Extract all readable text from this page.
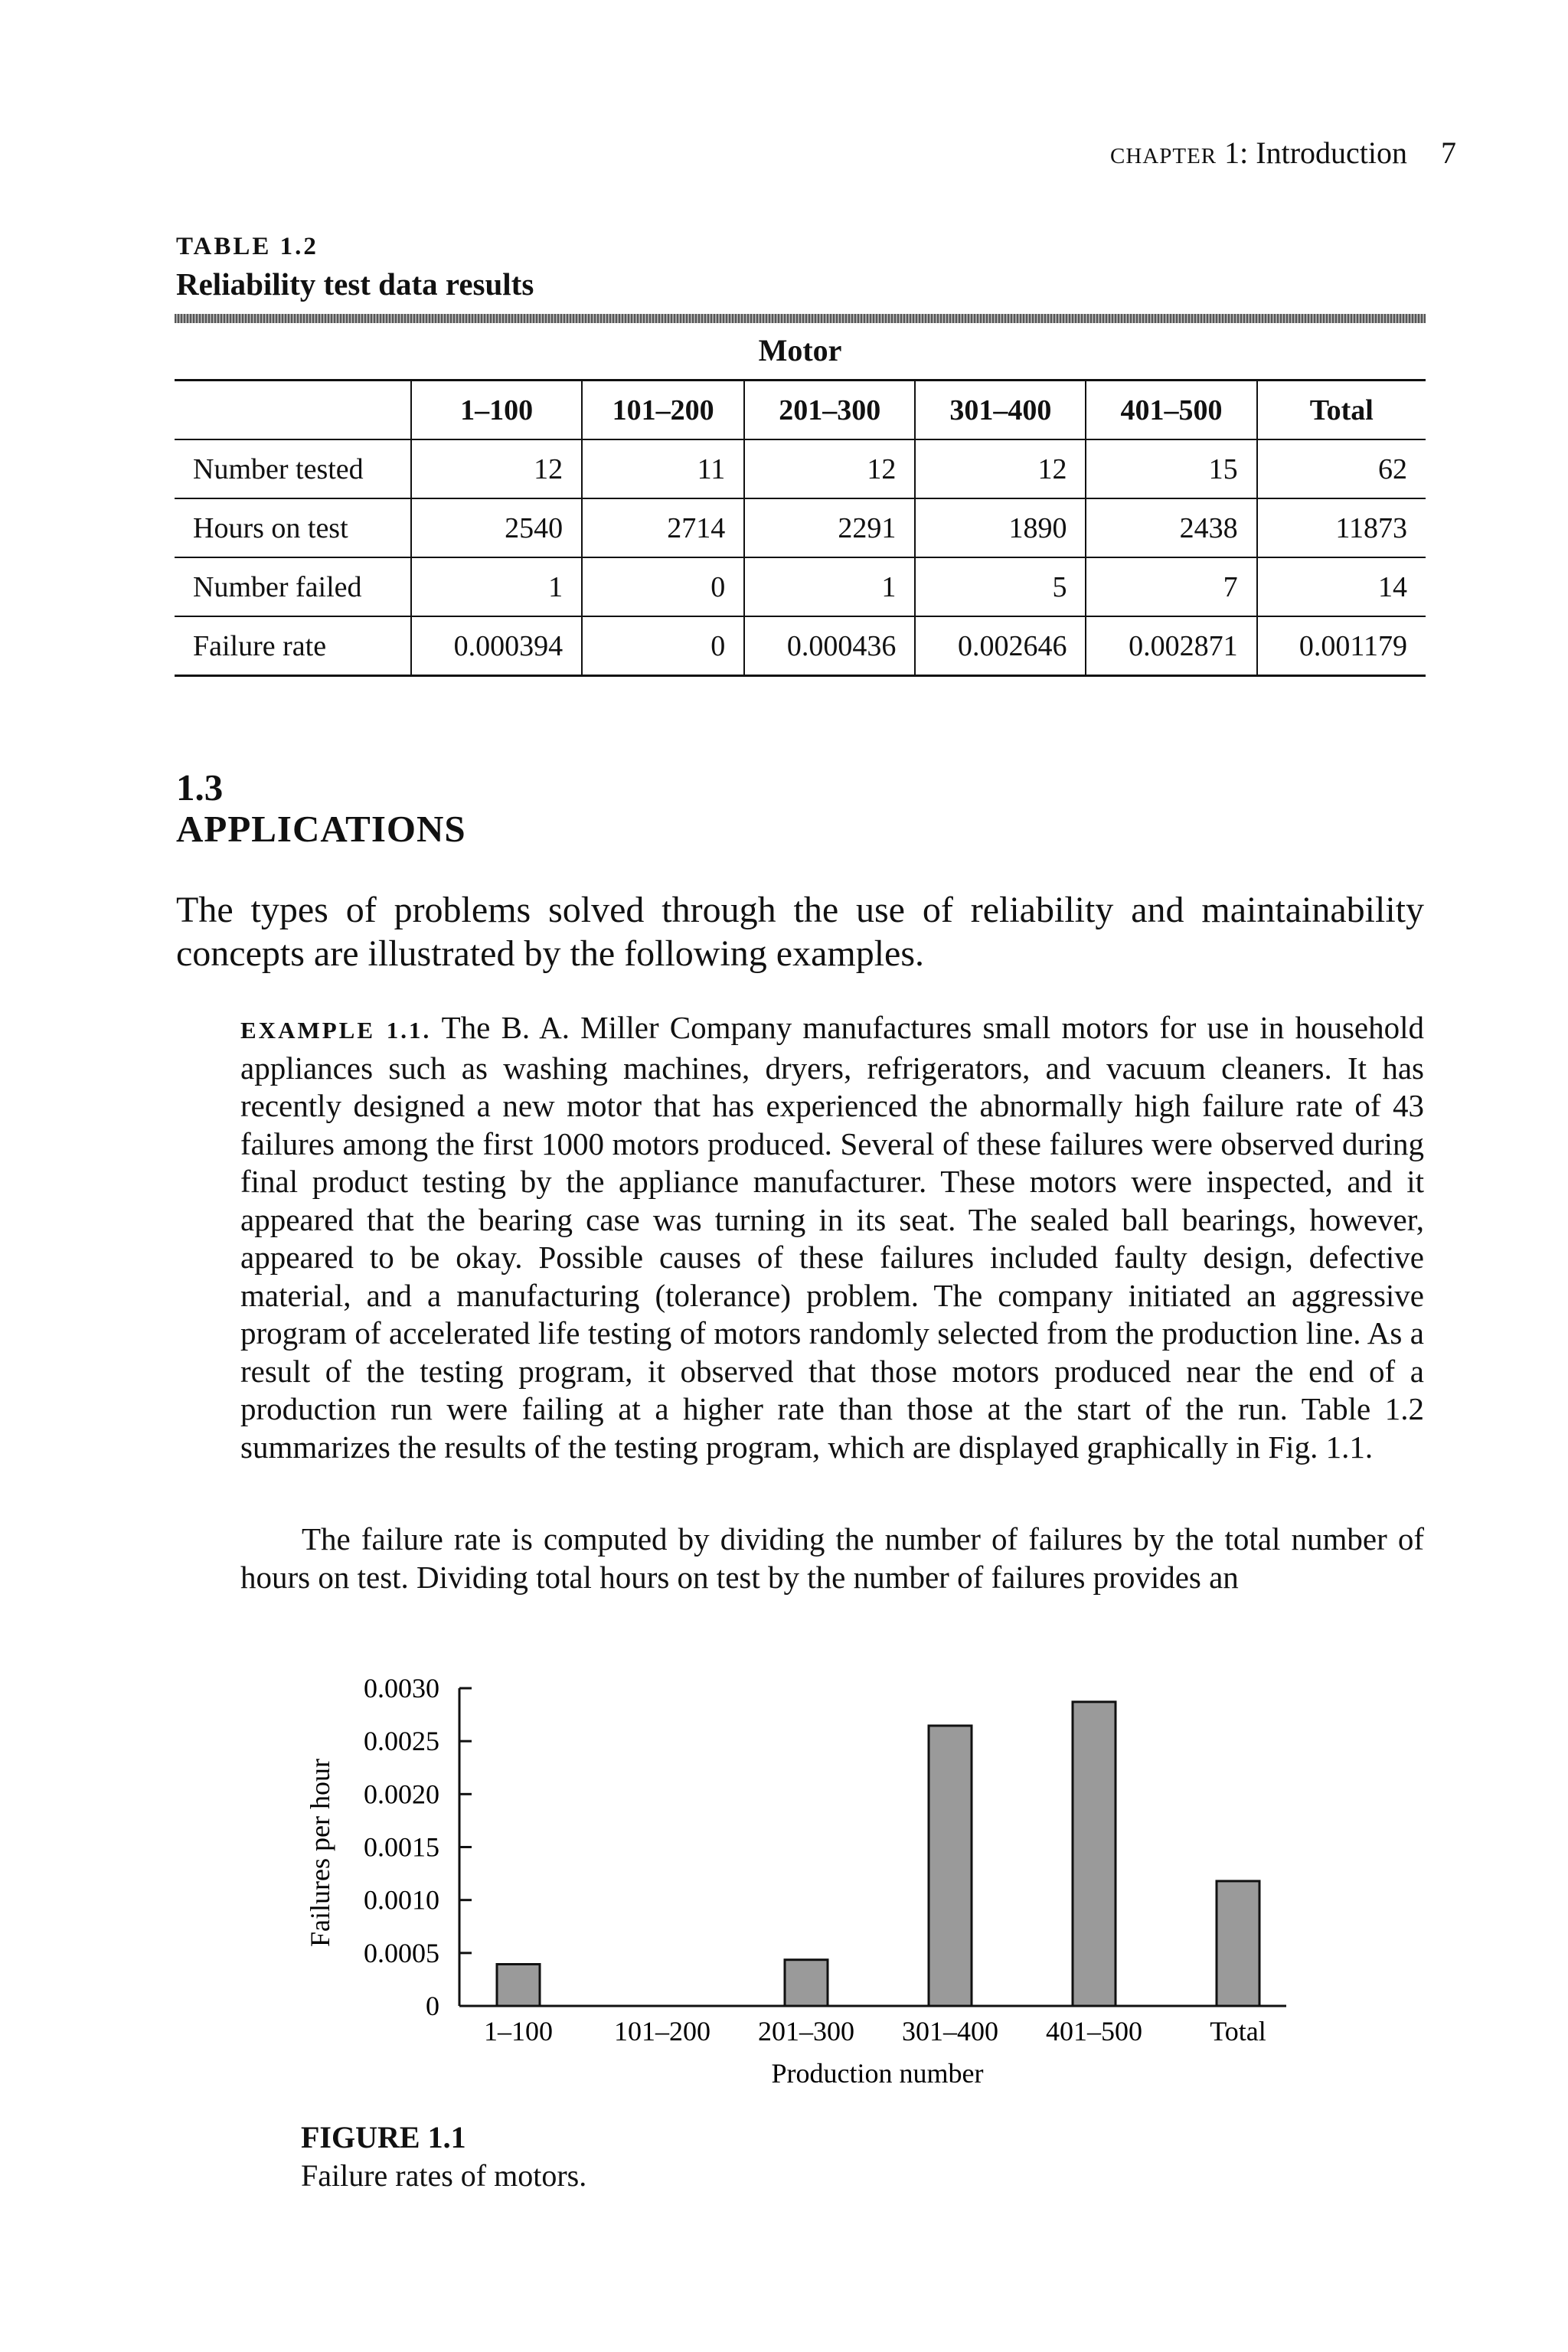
CHAPTER 1: Introduction 7
TABLE 1.2
Reliability test data results
Motor
	1–100	101–200	201–300	301–400	401–500	Total
Number tested	12	11	12	12	15	62
Hours on test	2540	2714	2291	1890	2438	11873
Number failed	1	0	1	5	7	14
Failure rate	0.000394	0	0.000436	0.002646	0.002871	0.001179
1.3
APPLICATIONS
The types of problems solved through the use of reliability and maintainability concepts are illustrated by the following examples.
EXAMPLE 1.1. The B. A. Miller Company manufactures small motors for use in household appliances such as washing machines, dryers, refrigerators, and vacuum cleaners. It has recently designed a new motor that has experienced the abnormally high failure rate of 43 failures among the first 1000 motors produced. Several of these failures were observed during final product testing by the appliance manufacturer. These motors were inspected, and it appeared that the bearing case was turning in its seat. The sealed ball bearings, however, appeared to be okay. Possible causes of these failures included faulty design, defective material, and a manufacturing (tolerance) problem. The company initiated an aggressive program of accelerated life testing of motors randomly selected from the production line. As a result of the testing program, it observed that those motors produced near the end of a production run were failing at a higher rate than those at the start of the run. Table 1.2 summarizes the results of the testing program, which are displayed graphically in Fig. 1.1.
The failure rate is computed by dividing the number of failures by the total number of hours on test. Dividing total hours on test by the number of failures provides an
0
0.0005
0.0010
0.0015
0.0020
0.0025
0.0030
1–100 101–200 201–300 301–400 401–500 Total
Failures per hour
Production number
FIGURE 1.1
Failure rates of motors.
